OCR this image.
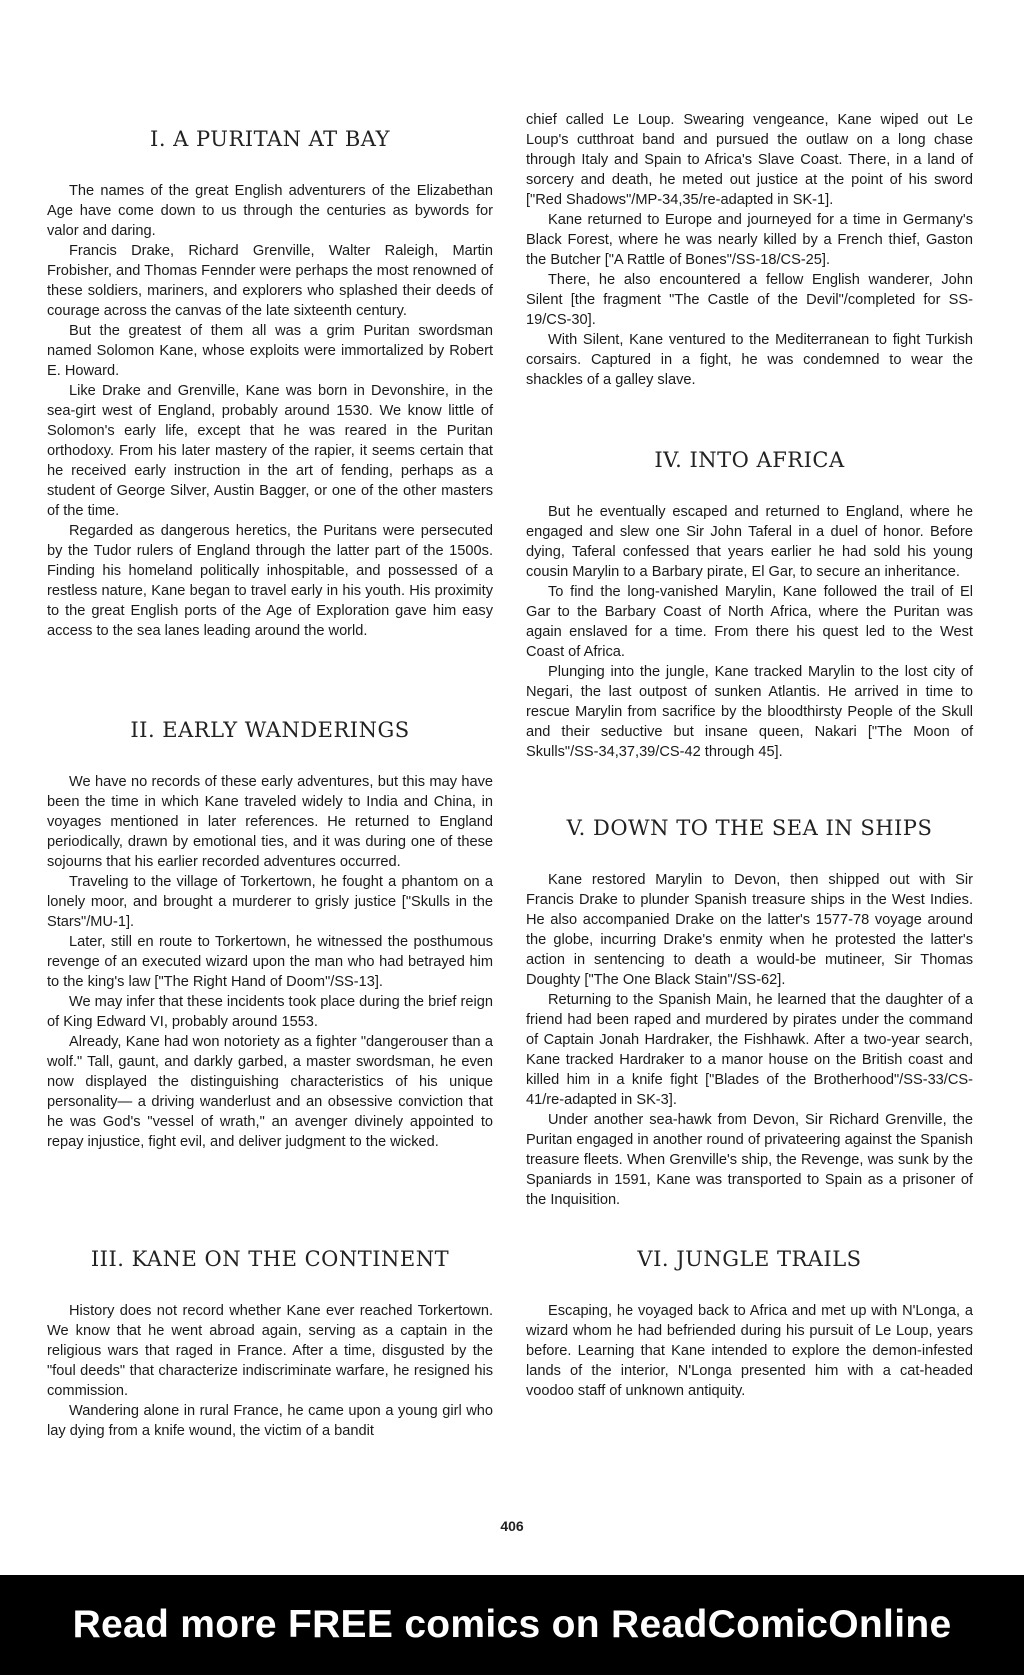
I. A PURITAN AT BAY

The names of the great English adventurers of the Elizabethan Age have come down to us through the centuries as bywords for valor and daring.

Francis Drake, Richard Grenville, Walter Raleigh, Martin Frobisher, and Thomas Fennder were perhaps the most renowned of these soldiers, mariners, and explorers who splashed their deeds of courage across the canvas of the late sixteenth century.

But the greatest of them all was a grim Puritan swordsman named Solomon Kane, whose exploits were immortalized by Robert E. Howard.

Like Drake and Grenville, Kane was born in Devonshire, in the sea-girt west of England, probably around 1530. We know little of Solomon's early life, except that he was reared in the Puritan orthodoxy. From his later mastery of the rapier, it seems certain that he received early instruction in the art of fending, perhaps as a student of George Silver, Austin Bagger, or one of the other masters of the time.

Regarded as dangerous heretics, the Puritans were persecuted by the Tudor rulers of England through the latter part of the 1500s. Finding his homeland politically inhospitable, and possessed of a restless nature, Kane began to travel early in his youth. His proximity to the great English ports of the Age of Exploration gave him easy access to the sea lanes leading around the world.

II. EARLY WANDERINGS

We have no records of these early adventures, but this may have been the time in which Kane traveled widely to India and China, in voyages mentioned in later references. He returned to England periodically, drawn by emotional ties, and it was during one of these sojourns that his earlier recorded adventures occurred.

Traveling to the village of Torkertown, he fought a phantom on a lonely moor, and brought a murderer to grisly justice ["Skulls in the Stars"/MU-1].

Later, still en route to Torkertown, he witnessed the posthumous revenge of an executed wizard upon the man who had betrayed him to the king's law ["The Right Hand of Doom"/SS-13].

We may infer that these incidents took place during the brief reign of King Edward VI, probably around 1553.

Already, Kane had won notoriety as a fighter "dangerouser than a wolf." Tall, gaunt, and darkly garbed, a master swordsman, he even now displayed the distinguishing characteristics of his unique personality— a driving wanderlust and an obsessive conviction that he was God's "vessel of wrath," an avenger divinely appointed to repay injustice, fight evil, and deliver judgment to the wicked.

III. KANE ON THE CONTINENT

History does not record whether Kane ever reached Torkertown. We know that he went abroad again, serving as a captain in the religious wars that raged in France. After a time, disgusted by the "foul deeds" that characterize indiscriminate warfare, he resigned his commission.

Wandering alone in rural France, he came upon a young girl who lay dying from a knife wound, the victim of a bandit

chief called Le Loup. Swearing vengeance, Kane wiped out Le Loup's cutthroat band and pursued the outlaw on a long chase through Italy and Spain to Africa's Slave Coast. There, in a land of sorcery and death, he meted out justice at the point of his sword ["Red Shadows"/MP-34,35/re-adapted in SK-1].

Kane returned to Europe and journeyed for a time in Germany's Black Forest, where he was nearly killed by a French thief, Gaston the Butcher ["A Rattle of Bones"/SS-18/CS-25].

There, he also encountered a fellow English wanderer, John Silent [the fragment "The Castle of the Devil"/completed for SS-19/CS-30].

With Silent, Kane ventured to the Mediterranean to fight Turkish corsairs. Captured in a fight, he was condemned to wear the shackles of a galley slave.

IV. INTO AFRICA

But he eventually escaped and returned to England, where he engaged and slew one Sir John Taferal in a duel of honor. Before dying, Taferal confessed that years earlier he had sold his young cousin Marylin to a Barbary pirate, El Gar, to secure an inheritance.

To find the long-vanished Marylin, Kane followed the trail of El Gar to the Barbary Coast of North Africa, where the Puritan was again enslaved for a time. From there his quest led to the West Coast of Africa.

Plunging into the jungle, Kane tracked Marylin to the lost city of Negari, the last outpost of sunken Atlantis. He arrived in time to rescue Marylin from sacrifice by the bloodthirsty People of the Skull and their seductive but insane queen, Nakari ["The Moon of Skulls"/SS-34,37,39/CS-42 through 45].

V. DOWN TO THE SEA IN SHIPS

Kane restored Marylin to Devon, then shipped out with Sir Francis Drake to plunder Spanish treasure ships in the West Indies. He also accompanied Drake on the latter's 1577-78 voyage around the globe, incurring Drake's enmity when he protested the latter's action in sentencing to death a would-be mutineer, Sir Thomas Doughty ["The One Black Stain"/SS-62].

Returning to the Spanish Main, he learned that the daughter of a friend had been raped and murdered by pirates under the command of Captain Jonah Hardraker, the Fishhawk. After a two-year search, Kane tracked Hardraker to a manor house on the British coast and killed him in a knife fight ["Blades of the Brotherhood"/SS-33/CS-41/re-adapted in SK-3].

Under another sea-hawk from Devon, Sir Richard Grenville, the Puritan engaged in another round of privateering against the Spanish treasure fleets. When Grenville's ship, the Revenge, was sunk by the Spaniards in 1591, Kane was transported to Spain as a prisoner of the Inquisition.

VI. JUNGLE TRAILS

Escaping, he voyaged back to Africa and met up with N'Longa, a wizard whom he had befriended during his pursuit of Le Loup, years before. Learning that Kane intended to explore the demon-infested lands of the interior, N'Longa presented him with a cat-headed voodoo staff of unknown antiquity.

406
Read more FREE comics on ReadComicOnline
